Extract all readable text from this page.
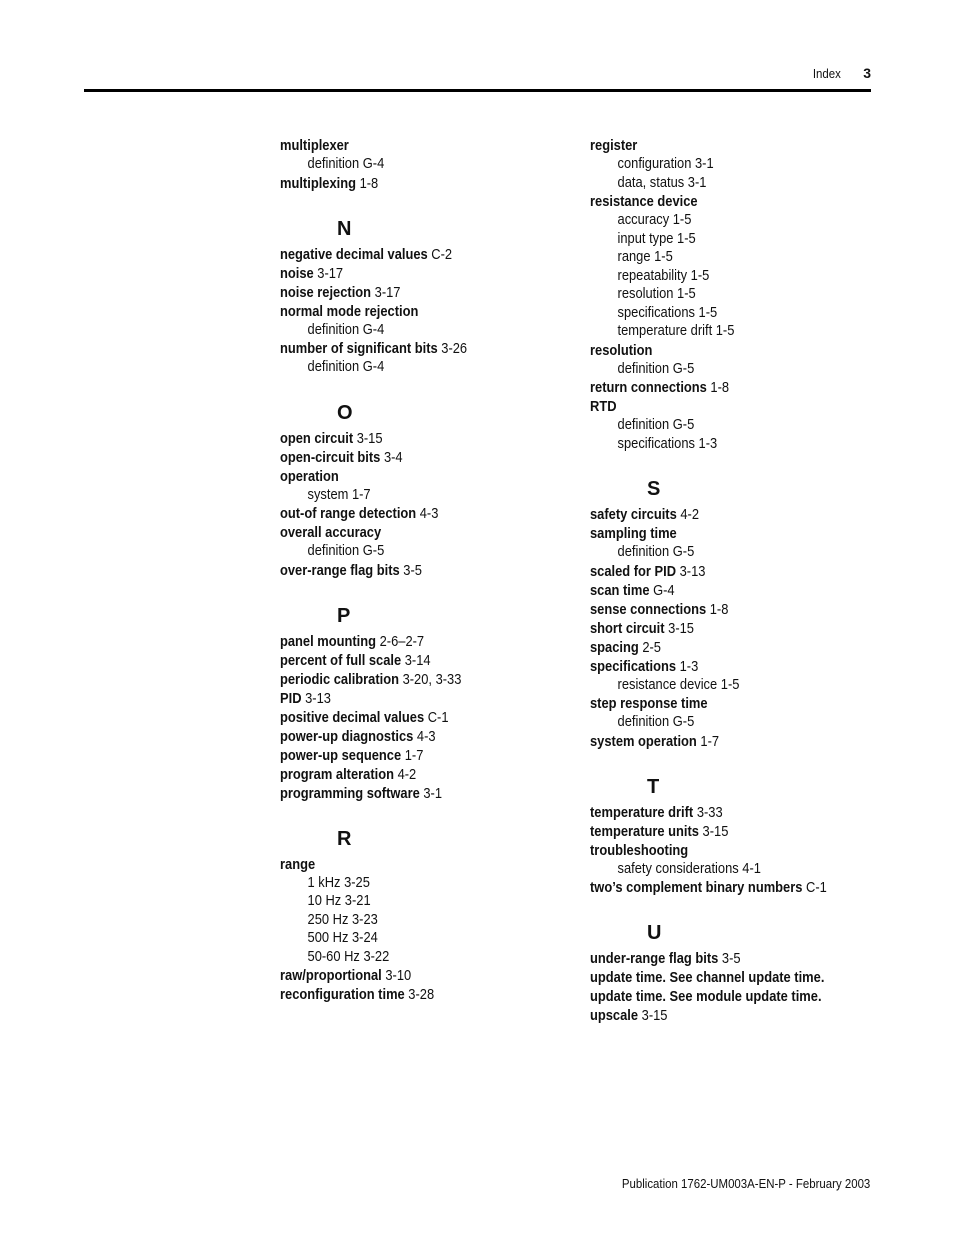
Index 3
multiplexer
definition G-4
multiplexing 1-8
N
negative decimal values C-2
noise 3-17
noise rejection 3-17
normal mode rejection
definition G-4
number of significant bits 3-26
definition G-4
O
open circuit 3-15
open-circuit bits 3-4
operation
system 1-7
out-of range detection 4-3
overall accuracy
definition G-5
over-range flag bits 3-5
P
panel mounting 2-6–2-7
percent of full scale 3-14
periodic calibration 3-20, 3-33
PID 3-13
positive decimal values C-1
power-up diagnostics 4-3
power-up sequence 1-7
program alteration 4-2
programming software 3-1
R
range
1 kHz 3-25
10 Hz 3-21
250 Hz 3-23
500 Hz 3-24
50-60 Hz 3-22
raw/proportional 3-10
reconfiguration time 3-28
register
configuration 3-1
data, status 3-1
resistance device
accuracy 1-5
input type 1-5
range 1-5
repeatability 1-5
resolution 1-5
specifications 1-5
temperature drift 1-5
resolution
definition G-5
return connections 1-8
RTD
definition G-5
specifications 1-3
S
safety circuits 4-2
sampling time
definition G-5
scaled for PID 3-13
scan time G-4
sense connections 1-8
short circuit 3-15
spacing 2-5
specifications 1-3
resistance device 1-5
step response time
definition G-5
system operation 1-7
T
temperature drift 3-33
temperature units 3-15
troubleshooting
safety considerations 4-1
two’s complement binary numbers C-1
U
under-range flag bits 3-5
update time. See channel update time.
update time. See module update time.
upscale 3-15
Publication 1762-UM003A-EN-P - February 2003
